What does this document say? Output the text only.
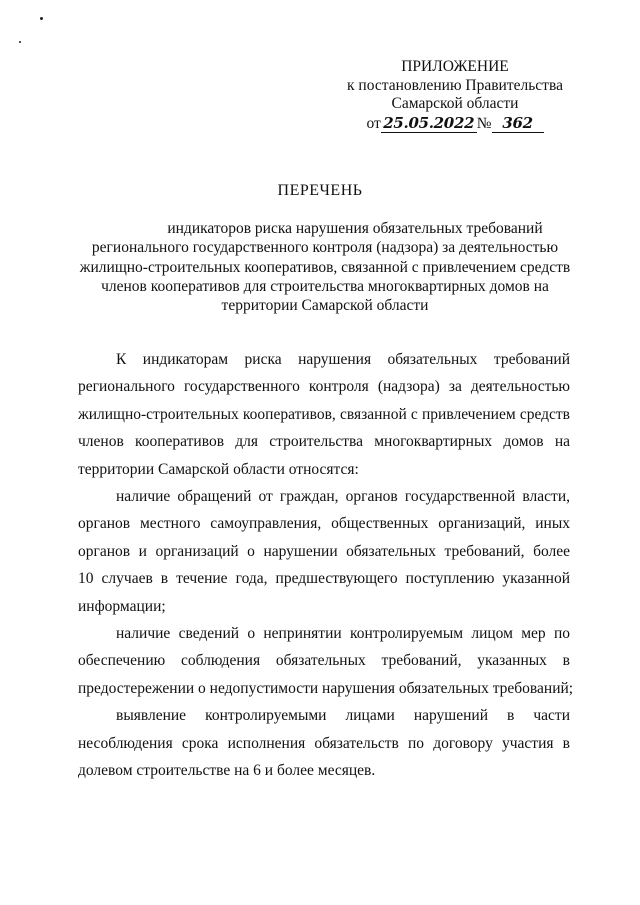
ПРИЛОЖЕНИЕ
к постановлению Правительства
Самарской области
от 25.05.2022 № 362
ПЕРЕЧЕНЬ
индикаторов риска нарушения обязательных требований
регионального государственного контроля (надзора) за деятельностью
жилищно-строительных кооперативов, связанной с привлечением средств
членов кооперативов для строительства многоквартирных домов на
территории Самарской области
К индикаторам риска нарушения обязательных требований
регионального государственного контроля (надзора) за деятельностью
жилищно-строительных кооперативов, связанной с привлечением средств
членов кооперативов для строительства многоквартирных домов на
территории Самарской области относятся:
наличие обращений от граждан, органов государственной власти,
органов местного самоуправления, общественных организаций, иных
органов и организаций о нарушении обязательных требований, более
10 случаев в течение года, предшествующего поступлению указанной
информации;
наличие сведений о непринятии контролируемым лицом мер по
обеспечению соблюдения обязательных требований, указанных в
предостережении о недопустимости нарушения обязательных требований;
выявление контролируемыми лицами нарушений в части
несоблюдения срока исполнения обязательств по договору участия в
долевом строительстве на 6 и более месяцев.
